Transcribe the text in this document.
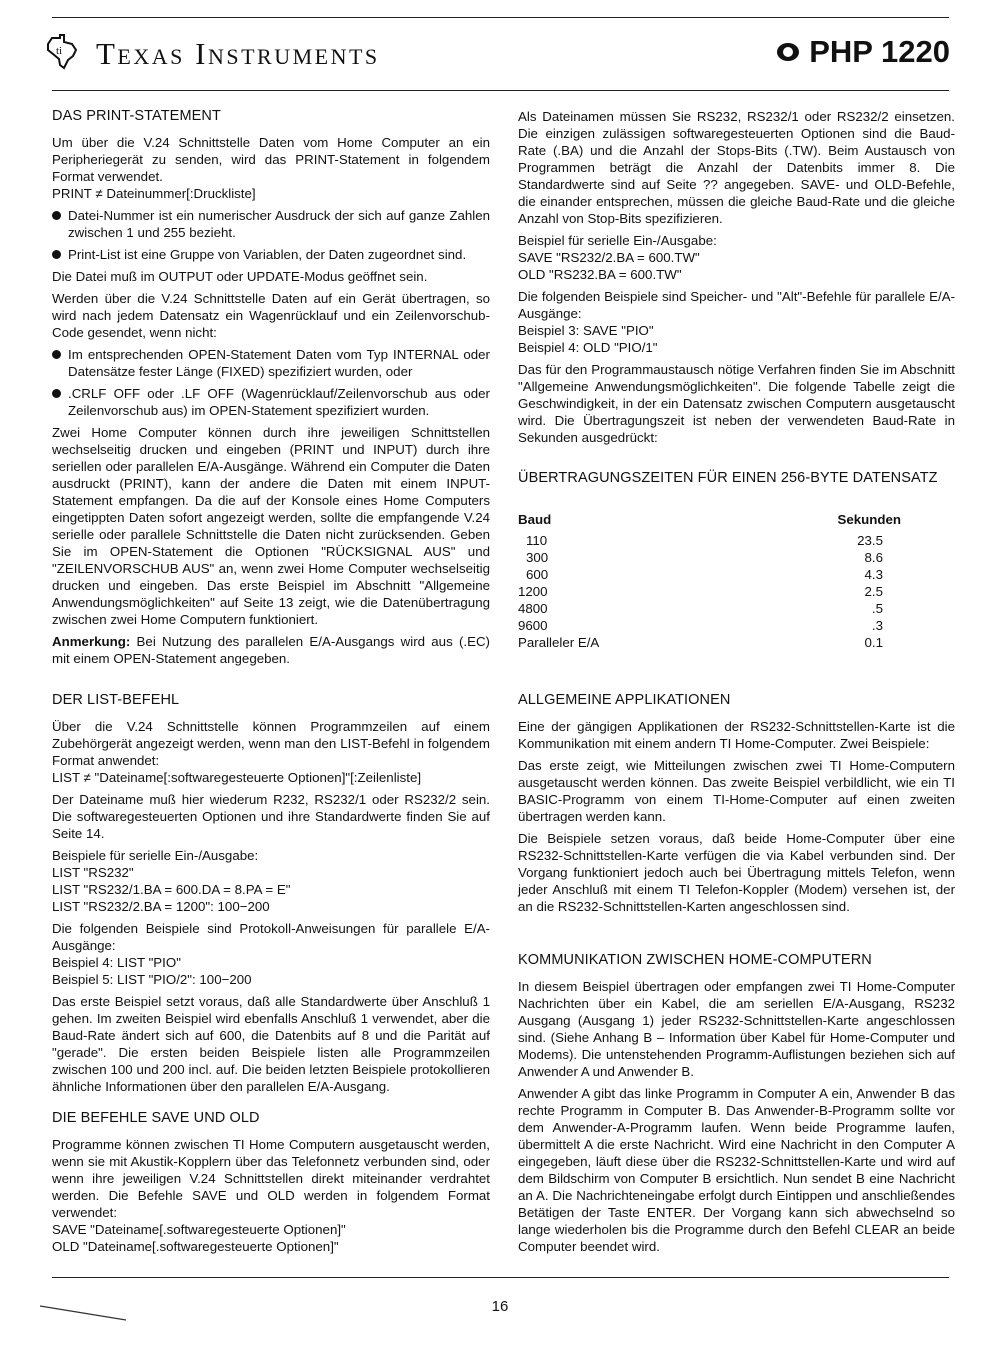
ti Texas Instruments	PHP 1220
DAS PRINT-STATEMENT

Um über die V.24 Schnittstelle Daten vom Home Computer an ein Peripheriegerät zu senden, wird das PRINT-Statement in folgendem Format verwendet.

PRINT ≠ Dateinummer[:Druckliste]

Datei-Nummer ist ein numerischer Ausdruck der sich auf ganze Zahlen zwischen 1 und 255 bezieht.
Print-List ist eine Gruppe von Variablen, der Daten zugeordnet sind.

Die Datei muß im OUTPUT oder UPDATE-Modus geöffnet sein.

Werden über die V.24 Schnittstelle Daten auf ein Gerät übertragen, so wird nach jedem Datensatz ein Wagenrücklauf und ein Zeilenvorschub-Code gesendet, wenn nicht:

Im entsprechenden OPEN-Statement Daten vom Typ INTERNAL oder Datensätze fester Länge (FIXED) spezifiziert wurden, oder
.CRLF OFF oder .LF OFF (Wagenrücklauf/Zeilenvorschub aus oder Zeilenvorschub aus) im OPEN-Statement spezifiziert wurden.

Zwei Home Computer können durch ihre jeweiligen Schnittstellen wechselseitig drucken und eingeben (PRINT und INPUT) durch ihre seriellen oder parallelen E/A-Ausgänge. Während ein Computer die Daten ausdruckt (PRINT), kann der andere die Daten mit einem INPUT-Statement empfangen. Da die auf der Konsole eines Home Computers eingetippten Daten sofort angezeigt werden, sollte die empfangende V.24 serielle oder parallele Schnittstelle die Daten nicht zurücksenden. Geben Sie im OPEN-Statement die Optionen "RÜCKSIGNAL AUS" und "ZEILENVORSCHUB AUS" an, wenn zwei Home Computer wechselseitig drucken und eingeben. Das erste Beispiel im Abschnitt "Allgemeine Anwendungsmöglichkeiten" auf Seite 13 zeigt, wie die Datenübertragung zwischen zwei Home Computern funktioniert.

Anmerkung: Bei Nutzung des parallelen E/A-Ausgangs wird aus (.EC) mit einem OPEN-Statement angegeben.

DER LIST-BEFEHL

Über die V.24 Schnittstelle können Programmzeilen auf einem Zubehörgerät angezeigt werden, wenn man den LIST-Befehl in folgendem Format anwendet:

LIST ≠ "Dateiname[:softwaregesteuerte Optionen]"[:Zeilenliste]

Der Dateiname muß hier wiederum R232, RS232/1 oder RS232/2 sein. Die softwaregesteuerten Optionen und ihre Standardwerte finden Sie auf Seite 14.

Beispiele für serielle Ein-/Ausgabe:

LIST "RS232"

LIST "RS232/1.BA = 600.DA = 8.PA = E"

LIST "RS232/2.BA = 1200": 100−200

Die folgenden Beispiele sind Protokoll-Anweisungen für parallele E/A-Ausgänge:

Beispiel 4: LIST "PIO"

Beispiel 5: LIST "PIO/2": 100−200

Das erste Beispiel setzt voraus, daß alle Standardwerte über Anschluß 1 gehen. Im zweiten Beispiel wird ebenfalls Anschluß 1 verwendet, aber die Baud-Rate ändert sich auf 600, die Datenbits auf 8 und die Parität auf "gerade". Die ersten beiden Beispiele listen alle Programmzeilen zwischen 100 und 200 incl. auf. Die beiden letzten Beispiele protokollieren ähnliche Informationen über den parallelen E/A-Ausgang.

DIE BEFEHLE SAVE UND OLD

Programme können zwischen TI Home Computern ausgetauscht werden, wenn sie mit Akustik-Kopplern über das Telefonnetz verbunden sind, oder wenn ihre jeweiligen V.24 Schnittstellen direkt miteinander verdrahtet werden. Die Befehle SAVE und OLD werden in folgendem Format verwendet:

SAVE "Dateiname[.softwaregesteuerte Optionen]"

OLD "Dateiname[.softwaregesteuerte Optionen]"

Als Dateinamen müssen Sie RS232, RS232/1 oder RS232/2 einsetzen. Die einzigen zulässigen softwaregesteuerten Optionen sind die Baud-Rate (.BA) und die Anzahl der Stops-Bits (.TW). Beim Austausch von Programmen beträgt die Anzahl der Datenbits immer 8. Die Standardwerte sind auf Seite ?? angegeben. SAVE- und OLD-Befehle, die einander entsprechen, müssen die gleiche Baud-Rate und die gleiche Anzahl von Stop-Bits spezifizieren.

Beispiel für serielle Ein-/Ausgabe:

SAVE "RS232/2.BA = 600.TW"

OLD "RS232.BA = 600.TW"

Die folgenden Beispiele sind Speicher- und "Alt"-Befehle für parallele E/A-Ausgänge:

Beispiel 3: SAVE "PIO"

Beispiel 4: OLD "PIO/1"

Das für den Programmaustausch nötige Verfahren finden Sie im Abschnitt "Allgemeine Anwendungsmöglichkeiten". Die folgende Tabelle zeigt die Geschwindigkeit, in der ein Datensatz zwischen Computern ausgetauscht wird. Die Übertragungszeit ist neben der verwendeten Baud-Rate in Sekunden ausgedrückt:

ÜBERTRAGUNGSZEITEN FÜR EINEN 256-BYTE DATENSATZ
Baud	Sekunden

110	23.5
300	8.6
600	4.3
1200	2.5
4800	.5
9600	.3
Paralleler E/A	0.1
ALLGEMEINE APPLIKATIONEN

Eine der gängigen Applikationen der RS232-Schnittstellen-Karte ist die Kommunikation mit einem andern TI Home-Computer. Zwei Beispiele:

Das erste zeigt, wie Mitteilungen zwischen zwei TI Home-Computern ausgetauscht werden können. Das zweite Beispiel verbildlicht, wie ein TI BASIC-Programm von einem TI-Home-Computer auf einen zweiten übertragen werden kann.

Die Beispiele setzen voraus, daß beide Home-Computer über eine RS232-Schnittstellen-Karte verfügen die via Kabel verbunden sind. Der Vorgang funktioniert jedoch auch bei Übertragung mittels Telefon, wenn jeder Anschluß mit einem TI Telefon-Koppler (Modem) versehen ist, der an die RS232-Schnittstellen-Karten angeschlossen sind.

KOMMUNIKATION ZWISCHEN HOME-COMPUTERN

In diesem Beispiel übertragen oder empfangen zwei TI Home-Computer Nachrichten über ein Kabel, die am seriellen E/A-Ausgang, RS232 Ausgang (Ausgang 1) jeder RS232-Schnittstellen-Karte angeschlossen sind. (Siehe Anhang B – Information über Kabel für Home-Computer und Modems). Die untenstehenden Programm-Auflistungen beziehen sich auf Anwender A und Anwender B.

Anwender A gibt das linke Programm in Computer A ein, Anwender B das rechte Programm in Computer B. Das Anwender-B-Programm sollte vor dem Anwender-A-Programm laufen. Wenn beide Programme laufen, übermittelt A die erste Nachricht. Wird eine Nachricht in den Computer A eingegeben, läuft diese über die RS232-Schnittstellen-Karte und wird auf dem Bildschirm von Computer B ersichtlich. Nun sendet B eine Nachricht an A. Die Nachrichteneingabe erfolgt durch Eintippen und anschließendes Betätigen der Taste ENTER. Der Vorgang kann sich abwechselnd so lange wiederholen bis die Programme durch den Befehl CLEAR an beide Computer beendet wird.

16
